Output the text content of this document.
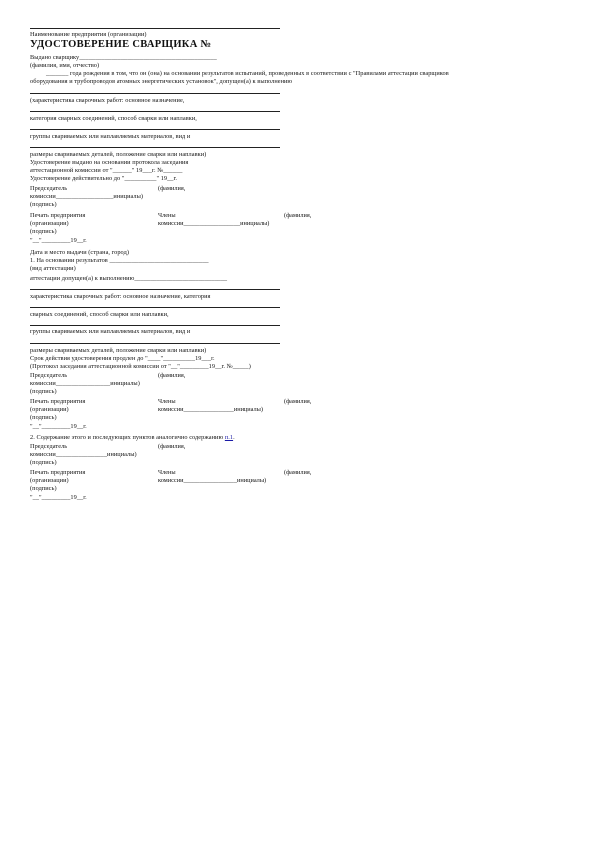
Наименование предприятия (организации)
УДОСТОВЕРЕНИЕ СВАРЩИКА №
Выдано сварщику___________________________________________
(фамилия, имя, отчество)
_______ года рождения в том, что он (она) на основании результатов испытаний, проведенных в соответствии с "Правилами аттестации сварщиков
оборудования и трубопроводов атомных энергетических установок", допущен(а) к выполнению
(характеристика сварочных работ: основное назначение,
категория сварных соединений, способ сварки или наплавки,
группы свариваемых или наплавляемых материалов, вид и
размеры свариваемых деталей, положение сварки или наплавки)
Удостоверение выдано на основании протокола заседания
аттестационной комиссии от "______" 19___г. №______
Удостоверение действительно до "__________" 19__г.
Председатель	(фамилия,
комиссии__________________инициалы)
(подпись)
Печать предприятия	Члены	(фамилия,
(организации)	комиссии__________________инициалы)
(подпись)
"__"_________19__г.
Дата и место выдачи (страна, город)
1. На основании результатов _______________________________
(вид аттестации)
аттестации допущен(а) к выполнению_____________________________
характеристика сварочных работ: основное назначение, категория
сварных соединений, способ сварки или наплавки,
группы свариваемых или наплавляемых материалов, вид и
размеры свариваемых деталей, положение сварки или наплавки)
Срок действия удостоверения продлен до "____"__________19___г.
(Протокол заседания аттестационной комиссии от "__"_________19__г. №_____)
Председатель	(фамилия,
комиссии_________________инициалы)
(подпись)
Печать предприятия	Члены	(фамилия,
(организации)	комиссии________________инициалы)
(подпись)
"__"_________19__г.
2. Содержание этого и последующих пунктов аналогично содержанию п.1.
Председатель	(фамилия,
комиссии________________инициалы)
(подпись)
Печать предприятия	Члены	(фамилия,
(организации)	комиссии_________________инициалы)
(подпись)
"__"_________19__г.
